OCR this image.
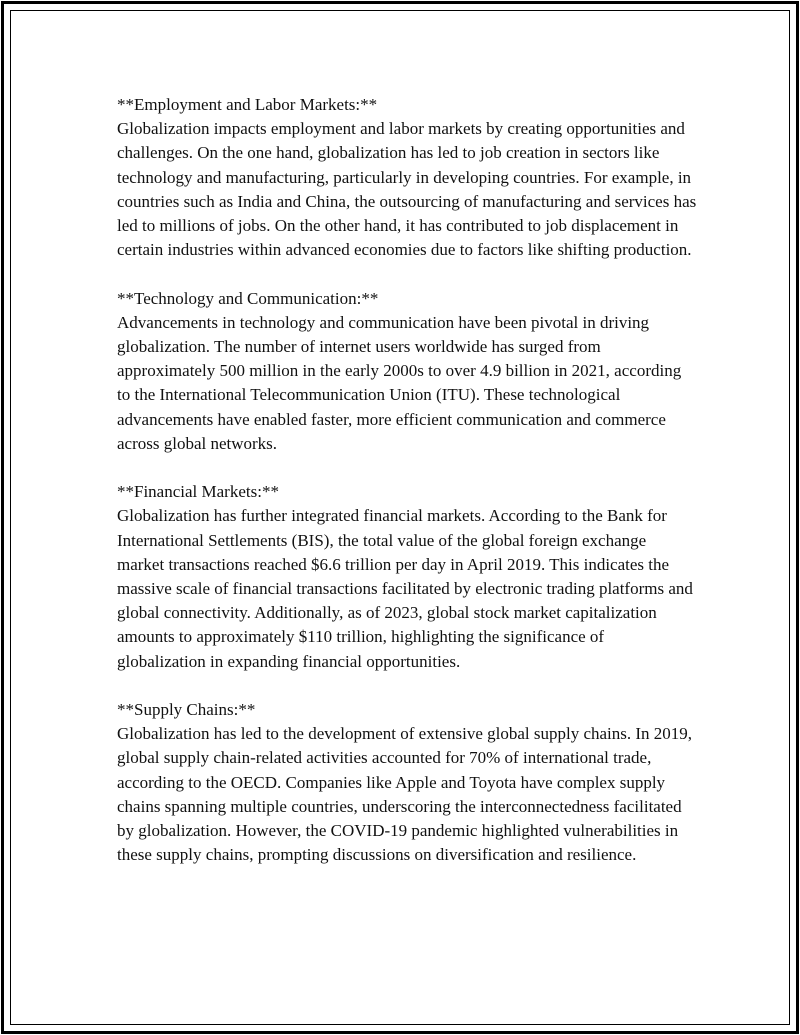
**Employment and Labor Markets:**

Globalization impacts employment and labor markets by creating opportunities and challenges. On the one hand, globalization has led to job creation in sectors like technology and manufacturing, particularly in developing countries. For example, in countries such as India and China, the outsourcing of manufacturing and services has led to millions of jobs. On the other hand, it has contributed to job displacement in certain industries within advanced economies due to factors like shifting production.

**Technology and Communication:**

Advancements in technology and communication have been pivotal in driving globalization. The number of internet users worldwide has surged from approximately 500 million in the early 2000s to over 4.9 billion in 2021, according to the International Telecommunication Union (ITU). These technological advancements have enabled faster, more efficient communication and commerce across global networks.

**Financial Markets:**

Globalization has further integrated financial markets. According to the Bank for International Settlements (BIS), the total value of the global foreign exchange market transactions reached $6.6 trillion per day in April 2019. This indicates the massive scale of financial transactions facilitated by electronic trading platforms and global connectivity. Additionally, as of 2023, global stock market capitalization amounts to approximately $110 trillion, highlighting the significance of globalization in expanding financial opportunities.

**Supply Chains:**

Globalization has led to the development of extensive global supply chains. In 2019, global supply chain-related activities accounted for 70% of international trade, according to the OECD. Companies like Apple and Toyota have complex supply chains spanning multiple countries, underscoring the interconnectedness facilitated by globalization. However, the COVID-19 pandemic highlighted vulnerabilities in these supply chains, prompting discussions on diversification and resilience.
